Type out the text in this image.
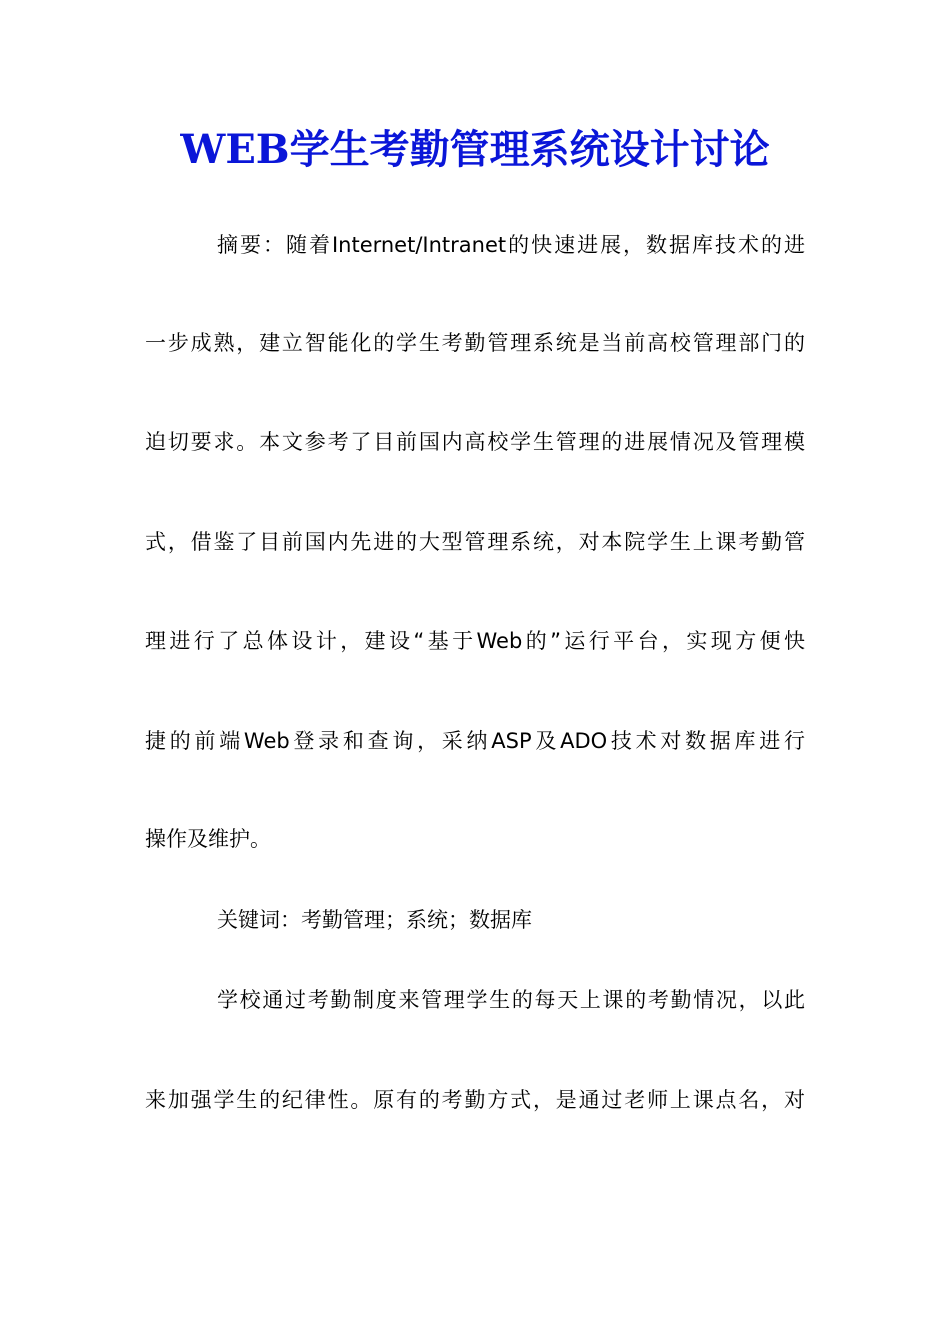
WEB学生考勤管理系统设计讨论
摘要：随着Internet/Intranet的快速进展，数据库技术的进
一步成熟，建立智能化的学生考勤管理系统是当前高校管理部门的
迫切要求。本文参考了目前国内高校学生管理的进展情况及管理模
式，借鉴了目前国内先进的大型管理系统，对本院学生上课考勤管
理进行了总体设计，建设“基于Web的”运行平台，实现方便快
捷的前端Web登录和查询，采纳ASP及ADO技术对数据库进行
操作及维护。
关键词：考勤管理；系统；数据库
学校通过考勤制度来管理学生的每天上课的考勤情况，以此
来加强学生的纪律性。原有的考勤方式，是通过老师上课点名，对
